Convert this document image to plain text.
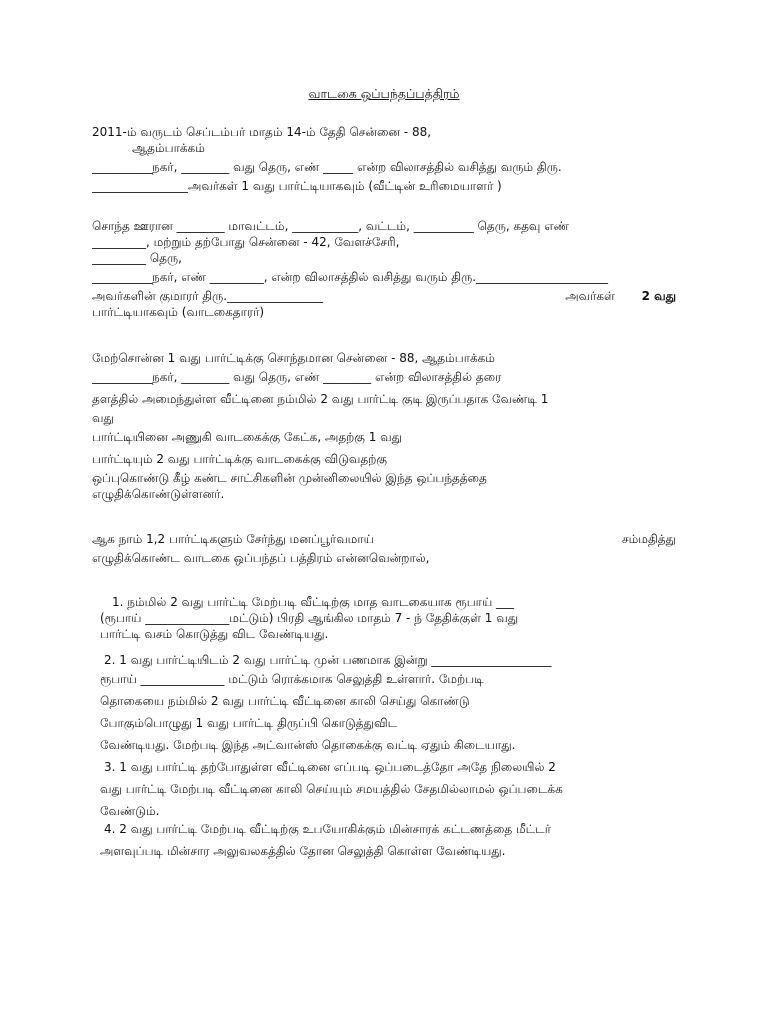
வாடகை ஒப்பந்தப்பத்திரம்
2011-ம் வருடம் செப்டம்பர் மாதம் 14-ம் தேதி சென்னை - 88,
ஆதம்பாக்கம்
__________நகர், ________ வது தெரு, எண் _____ என்ற விலாசத்தில் வசித்து வரும் திரு.
________________அவர்கள் 1 வது பார்ட்டியாகவும் (வீட்டின் உரிமையாளர் )
சொந்த ஊரான ________ மாவட்டம், ___________, வட்டம், __________ தெரு, கதவு எண்
_________, மற்றும் தற்போது சென்னை - 42, வேளச்சேரி,
_________ தெரு,
__________நகர், எண் _________, என்ற விலாசத்தில் வசித்து வரும் திரு.______________________
அவர்களின் குமாரர் திரு.________________	அவர்கள் 2 வது
பார்ட்டியாகவும் (வாடகைதாரர்)
மேற்சொன்ன 1 வது பார்ட்டிக்கு சொந்தமான சென்னை - 88, ஆதம்பாக்கம்
__________நகர், ________ வது தெரு, எண் ________ என்ற விலாசத்தில் தரை
தளத்தில் அமைந்துள்ள வீட்டினை நம்மில் 2 வது பார்ட்டி குடி இருப்பதாக வேண்டி 1
வது
பார்ட்டியினை அணுகி வாடகைக்கு கேட்க, அதற்கு 1 வது
பார்ட்டியும் 2 வது பார்ட்டிக்கு வாடகைக்கு விடுவதற்கு
ஒப்புகொண்டு கீழ் கண்ட சாட்சிகளின் முன்னிலையில் இந்த ஒப்பந்தத்தை
எழுதிக்கொண்டுள்ளனர்.
ஆக நாம் 1,2 பார்ட்டிகளும் சேர்ந்து மனப்பூர்வமாய்	சம்மதித்து
எழுதிக்கொண்ட வாடகை ஒப்பந்தப் பத்திரம் என்னவென்றால்,
1. நம்மில் 2 வது பார்ட்டி மேற்படி வீட்டிற்கு மாத வாடகையாக ரூபாய் ___
(ரூபாய் ______________மட்டும்) பிரதி ஆங்கில மாதம் 7 - ந் தேதிக்குள் 1 வது
பார்ட்டி வசம் கொடுத்து விட வேண்டியது.
2. 1 வது பார்ட்டியிடம் 2 வது பார்ட்டி முன் பணமாக இன்று ____________________
ரூபாய் ______________ மட்டும் ரொக்கமாக செலுத்தி உள்ளார். மேற்படி
தொகையை நம்மில் 2 வது பார்ட்டி வீட்டினை காலி செய்து கொண்டு
போகும்பொழுது 1 வது பார்ட்டி திருப்பி கொடுத்துவிட
வேண்டியது. மேற்படி இந்த அட்வான்ஸ் தொகைக்கு வட்டி ஏதும் கிடையாது.
3. 1 வது பார்ட்டி தற்போதுள்ள வீட்டினை எப்படி ஒப்படைத்தோ அதே நிலையில் 2
வது பார்ட்டி மேற்படி வீட்டினை காலி செய்யும் சமயத்தில் சேதமில்லாமல் ஒப்படைக்க
வேண்டும்.
4. 2 வது பார்ட்டி மேற்படி வீட்டிற்கு உபயோகிக்கும் மின்சாரக் கட்டணத்தை மீட்டர்
அளவுப்படி மின்சார அலுவலகத்தில் தோன செலுத்தி கொள்ள வேண்டியது.
